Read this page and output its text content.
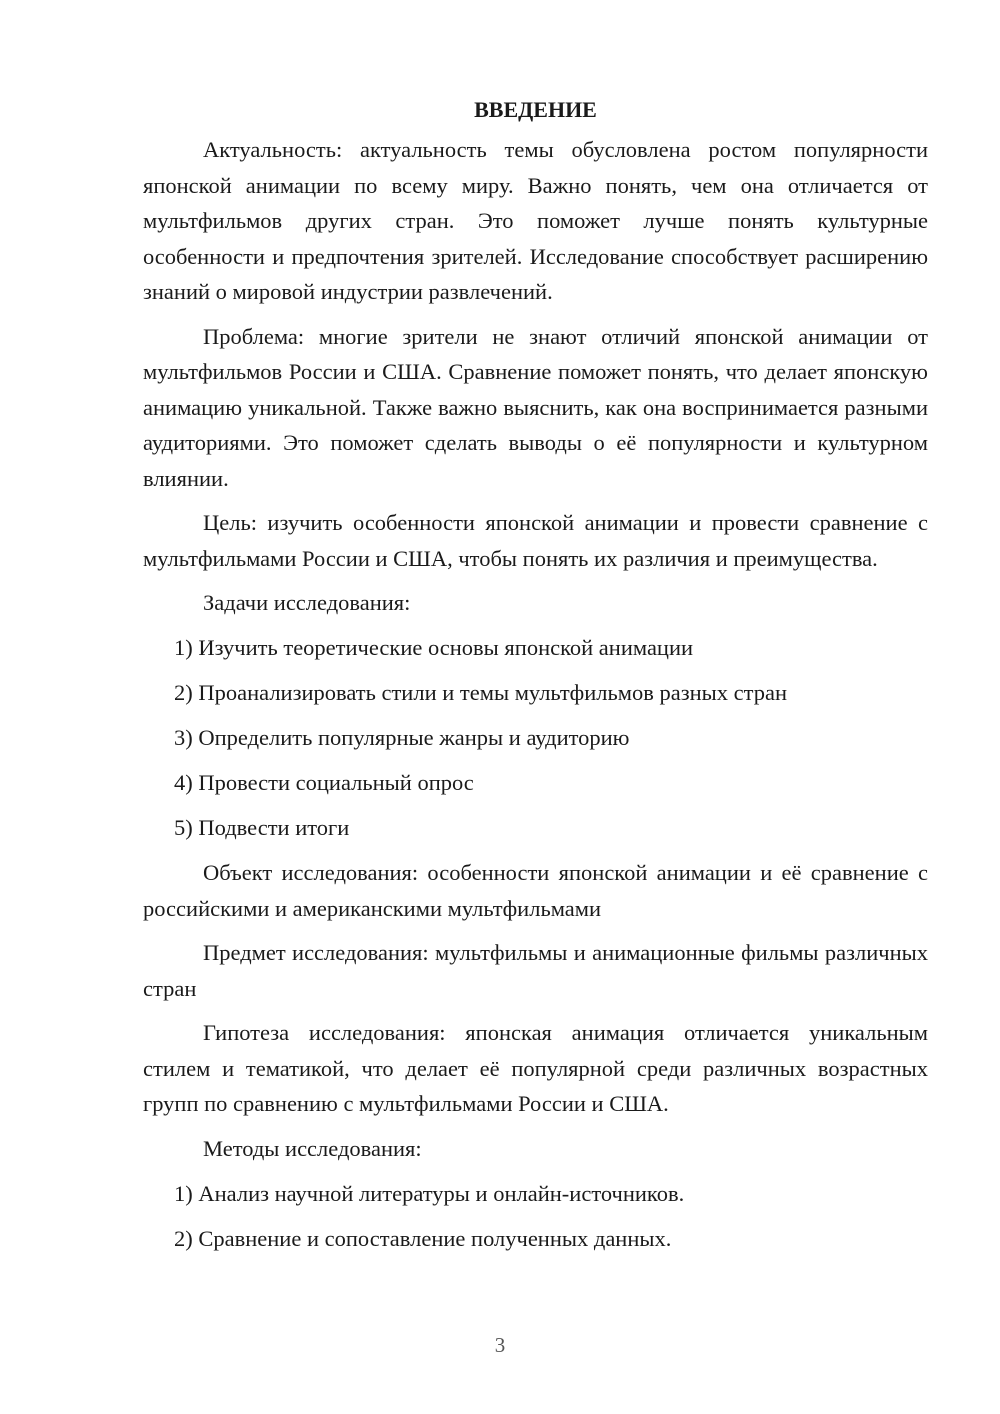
ВВЕДЕНИЕ

Актуальность: актуальность темы обусловлена ростом популярности японской анимации по всему миру. Важно понять, чем она отличается от мультфильмов других стран. Это поможет лучше понять культурные особенности и предпочтения зрителей. Исследование способствует расширению знаний о мировой индустрии развлечений.

Проблема: многие зрители не знают отличий японской анимации от мультфильмов России и США. Сравнение поможет понять, что делает японскую анимацию уникальной. Также важно выяснить, как она воспринимается разными аудиториями. Это поможет сделать выводы о её популярности и культурном влиянии.

Цель: изучить особенности японской анимации и провести сравнение с мультфильмами России и США, чтобы понять их различия и преимущества.

Задачи исследования:
1) Изучить теоретические основы японской анимации
2) Проанализировать стили и темы мультфильмов разных стран
3) Определить популярные жанры и аудиторию
4) Провести социальный опрос
5) Подвести итоги

Объект исследования: особенности японской анимации и её сравнение с российскими и американскими мультфильмами

Предмет исследования: мультфильмы и анимационные фильмы различных стран

Гипотеза исследования: японская анимация отличается уникальным стилем и тематикой, что делает её популярной среди различных возрастных групп по сравнению с мультфильмами России и США.

Методы исследования:
1) Анализ научной литературы и онлайн-источников.
2) Сравнение и сопоставление полученных данных.
3
